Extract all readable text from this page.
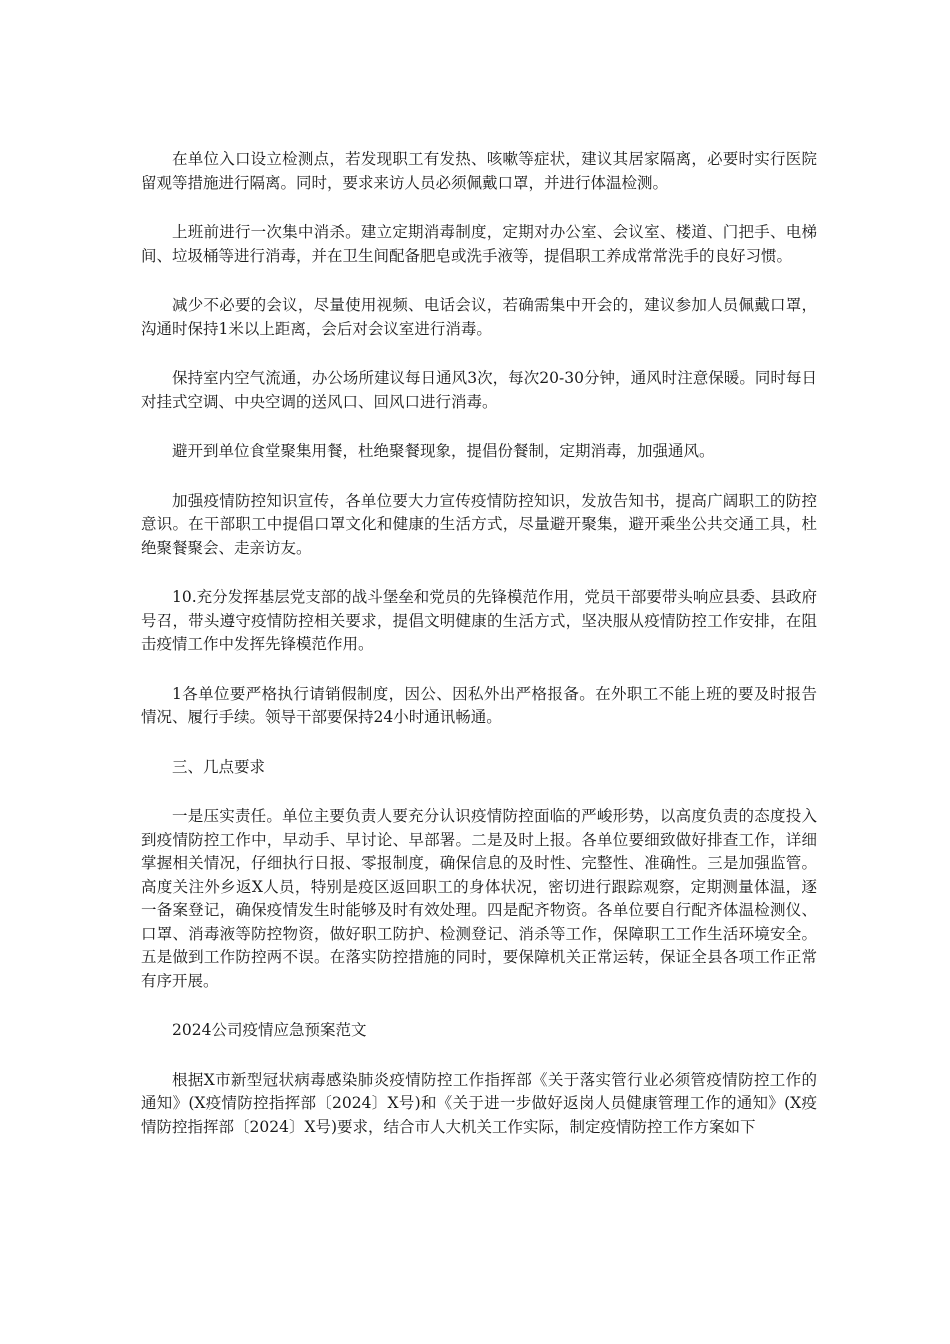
在单位入口设立检测点，若发现职工有发热、咳嗽等症状，建议其居家隔离，必要时实行医院留观等措施进行隔离。同时，要求来访人员必须佩戴口罩，并进行体温检测。

上班前进行一次集中消杀。建立定期消毒制度，定期对办公室、会议室、楼道、门把手、电梯间、垃圾桶等进行消毒，并在卫生间配备肥皂或洗手液等，提倡职工养成常常洗手的良好习惯。

减少不必要的会议，尽量使用视频、电话会议，若确需集中开会的，建议参加人员佩戴口罩，沟通时保持1米以上距离，会后对会议室进行消毒。

保持室内空气流通，办公场所建议每日通风3次，每次20-30分钟，通风时注意保暖。同时每日对挂式空调、中央空调的送风口、回风口进行消毒。

避开到单位食堂聚集用餐，杜绝聚餐现象，提倡份餐制，定期消毒，加强通风。

加强疫情防控知识宣传，各单位要大力宣传疫情防控知识，发放告知书，提高广阔职工的防控意识。在干部职工中提倡口罩文化和健康的生活方式，尽量避开聚集，避开乘坐公共交通工具，杜绝聚餐聚会、走亲访友。

10.充分发挥基层党支部的战斗堡垒和党员的先锋模范作用，党员干部要带头响应县委、县政府号召，带头遵守疫情防控相关要求，提倡文明健康的生活方式，坚决服从疫情防控工作安排，在阻击疫情工作中发挥先锋模范作用。

1各单位要严格执行请销假制度，因公、因私外出严格报备。在外职工不能上班的要及时报告情况、履行手续。领导干部要保持24小时通讯畅通。

三、几点要求

一是压实责任。单位主要负责人要充分认识疫情防控面临的严峻形势，以高度负责的态度投入到疫情防控工作中，早动手、早讨论、早部署。二是及时上报。各单位要细致做好排查工作，详细掌握相关情况，仔细执行日报、零报制度，确保信息的及时性、完整性、准确性。三是加强监管。高度关注外乡返X人员，特别是疫区返回职工的身体状况，密切进行跟踪观察，定期测量体温，逐一备案登记，确保疫情发生时能够及时有效处理。四是配齐物资。各单位要自行配齐体温检测仪、口罩、消毒液等防控物资，做好职工防护、检测登记、消杀等工作，保障职工工作生活环境安全。五是做到工作防控两不误。在落实防控措施的同时，要保障机关正常运转，保证全县各项工作正常有序开展。

2024公司疫情应急预案范文

根据X市新型冠状病毒感染肺炎疫情防控工作指挥部《关于落实管行业必须管疫情防控工作的通知》(X疫情防控指挥部〔2024〕X号)和《关于进一步做好返岗人员健康管理工作的通知》(X疫情防控指挥部〔2024〕X号)要求，结合市人大机关工作实际，制定疫情防控工作方案如下
